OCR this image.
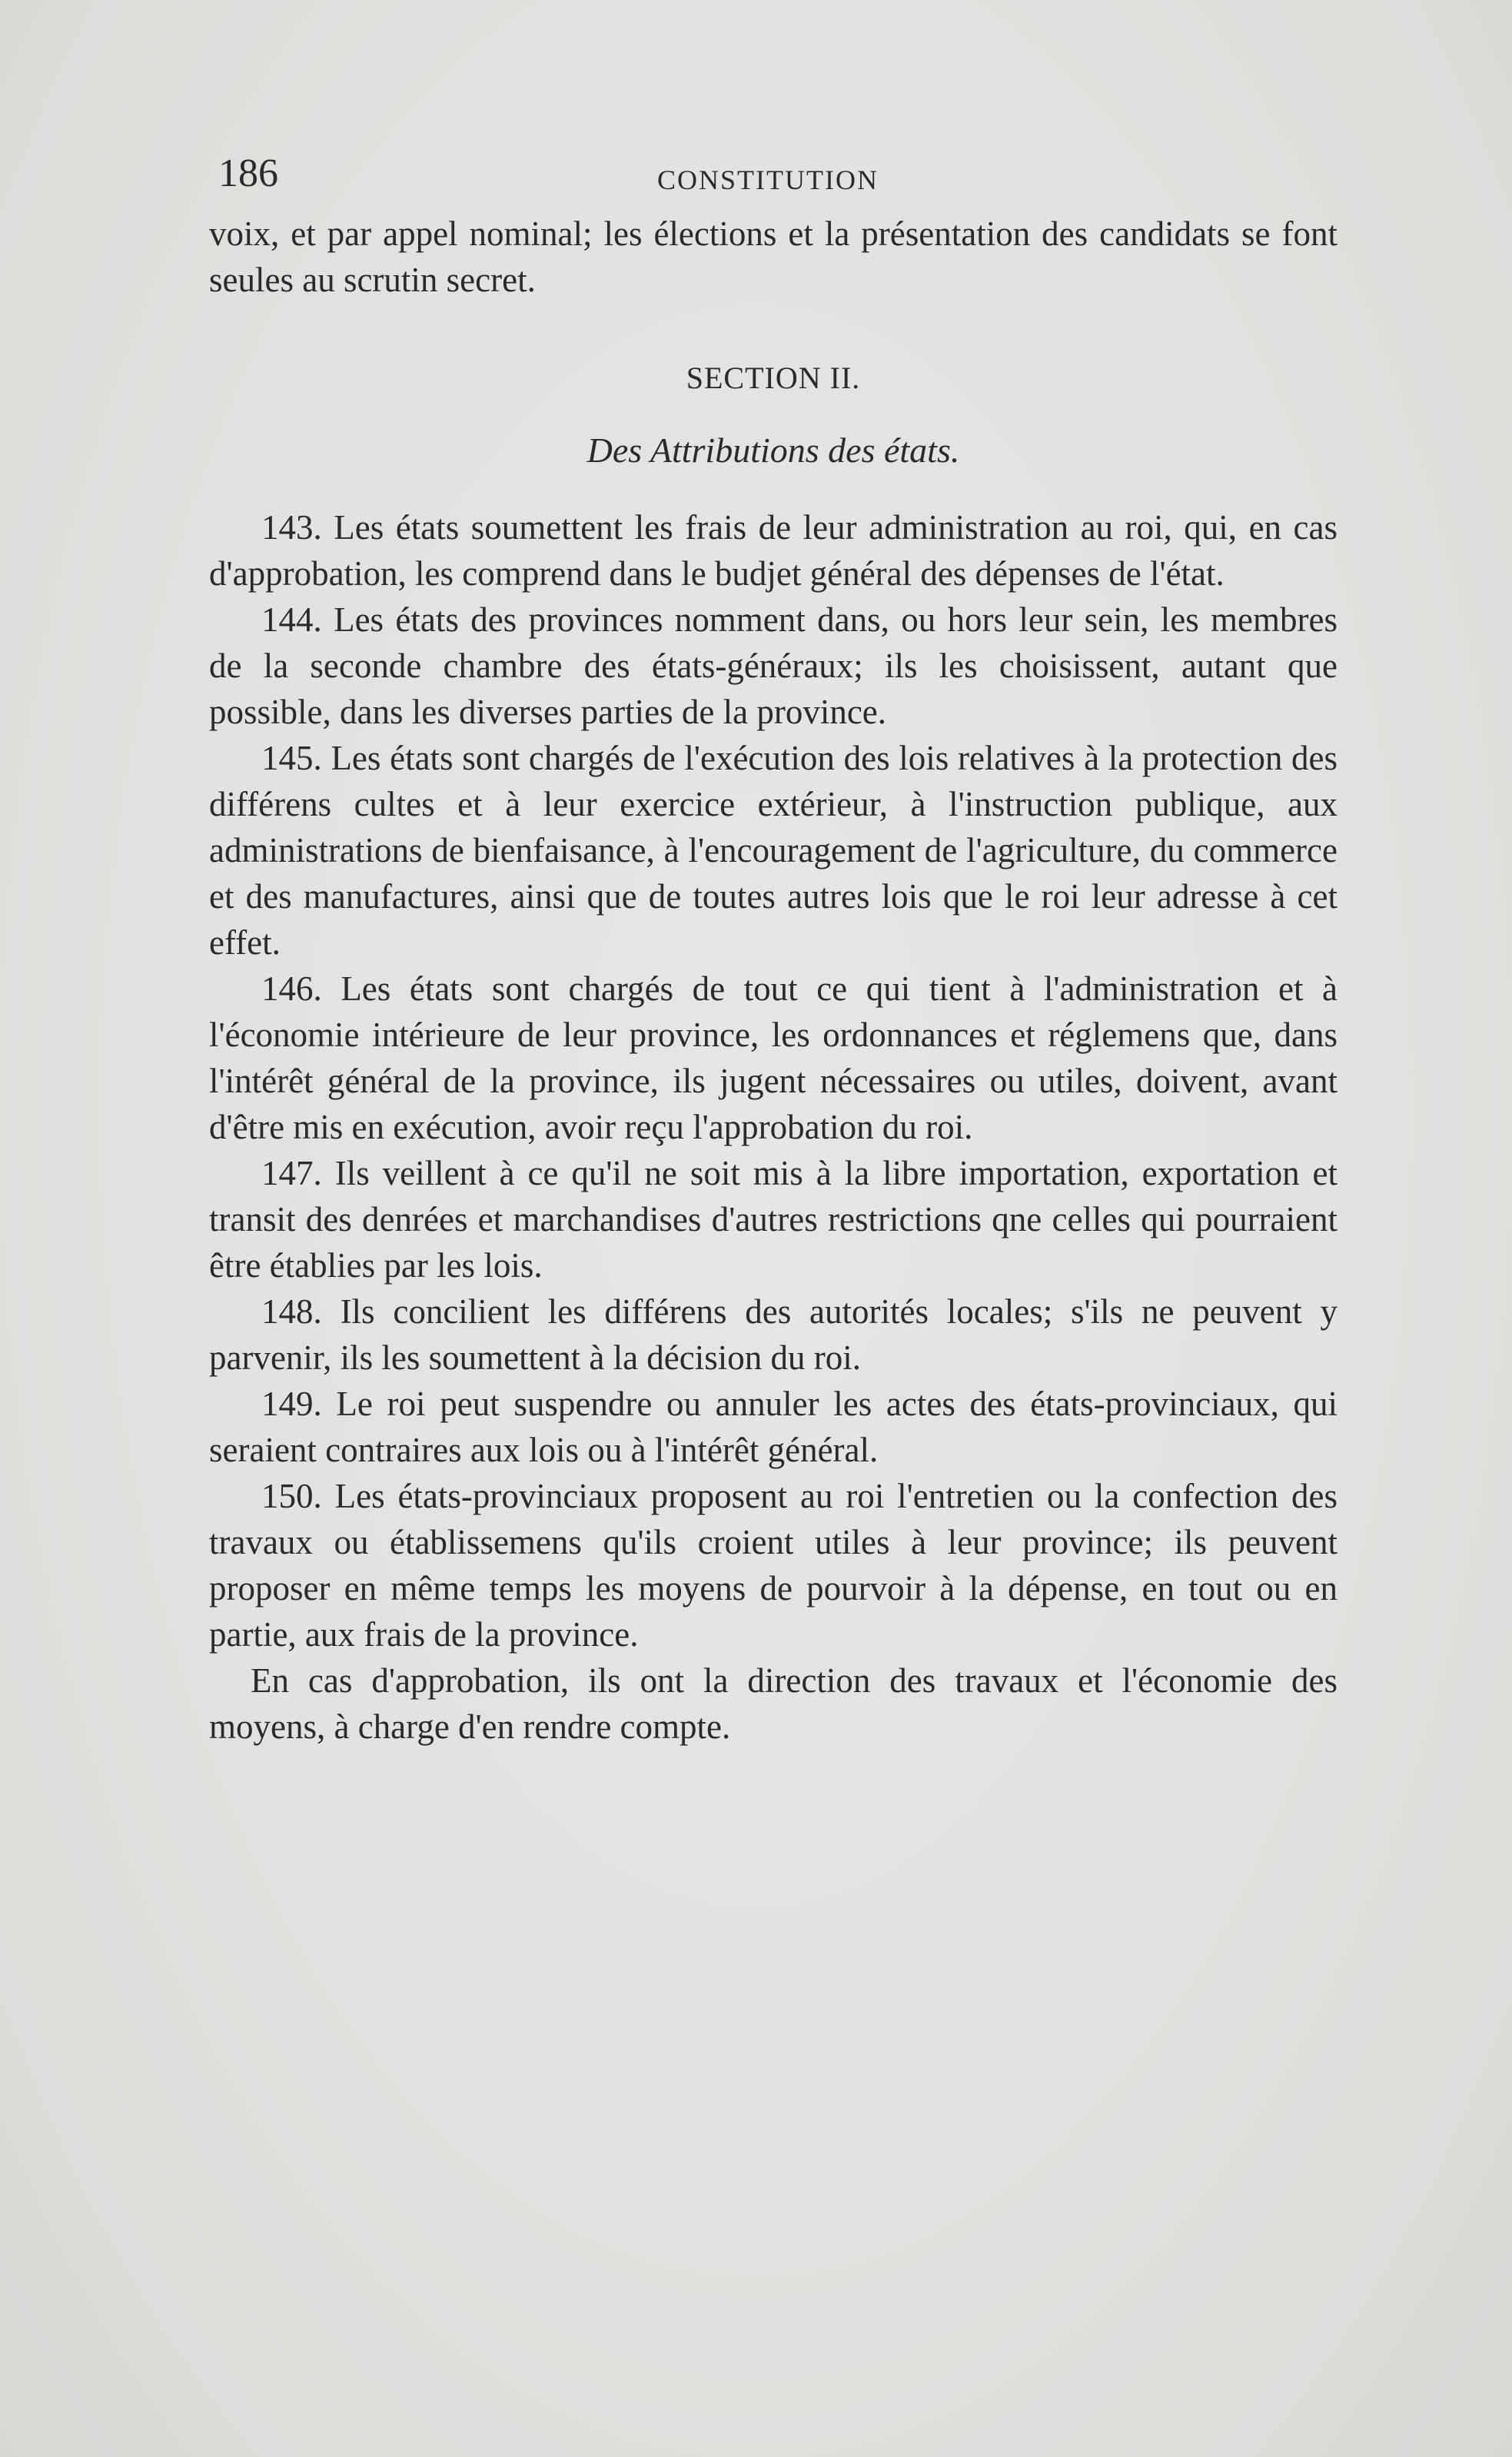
186	CONSTITUTION

voix, et par appel nominal; les élections et la présentation des candidats se font seules au scrutin secret.

SECTION II.
Des Attributions des états.

143. Les états soumettent les frais de leur administration au roi, qui, en cas d'approbation, les comprend dans le budjet général des dépenses de l'état.

144. Les états des provinces nomment dans, ou hors leur sein, les membres de la seconde chambre des états-généraux; ils les choisissent, autant que possible, dans les diverses parties de la province.

145. Les états sont chargés de l'exécution des lois relatives à la protection des différens cultes et à leur exercice extérieur, à l'instruction publique, aux administrations de bienfaisance, à l'encouragement de l'agriculture, du commerce et des manufactures, ainsi que de toutes autres lois que le roi leur adresse à cet effet.

146. Les états sont chargés de tout ce qui tient à l'administration et à l'économie intérieure de leur province, les ordonnances et réglemens que, dans l'intérêt général de la province, ils jugent nécessaires ou utiles, doivent, avant d'être mis en exécution, avoir reçu l'approbation du roi.

147. Ils veillent à ce qu'il ne soit mis à la libre importation, exportation et transit des denrées et marchandises d'autres restrictions qne celles qui pourraient être établies par les lois.

148. Ils concilient les différens des autorités locales; s'ils ne peuvent y parvenir, ils les soumettent à la décision du roi.

149. Le roi peut suspendre ou annuler les actes des états-provinciaux, qui seraient contraires aux lois ou à l'intérêt général.

150. Les états-provinciaux proposent au roi l'entretien ou la confection des travaux ou établissemens qu'ils croient utiles à leur province; ils peuvent proposer en même temps les moyens de pourvoir à la dépense, en tout ou en partie, aux frais de la province.

En cas d'approbation, ils ont la direction des travaux et l'économie des moyens, à charge d'en rendre compte.
